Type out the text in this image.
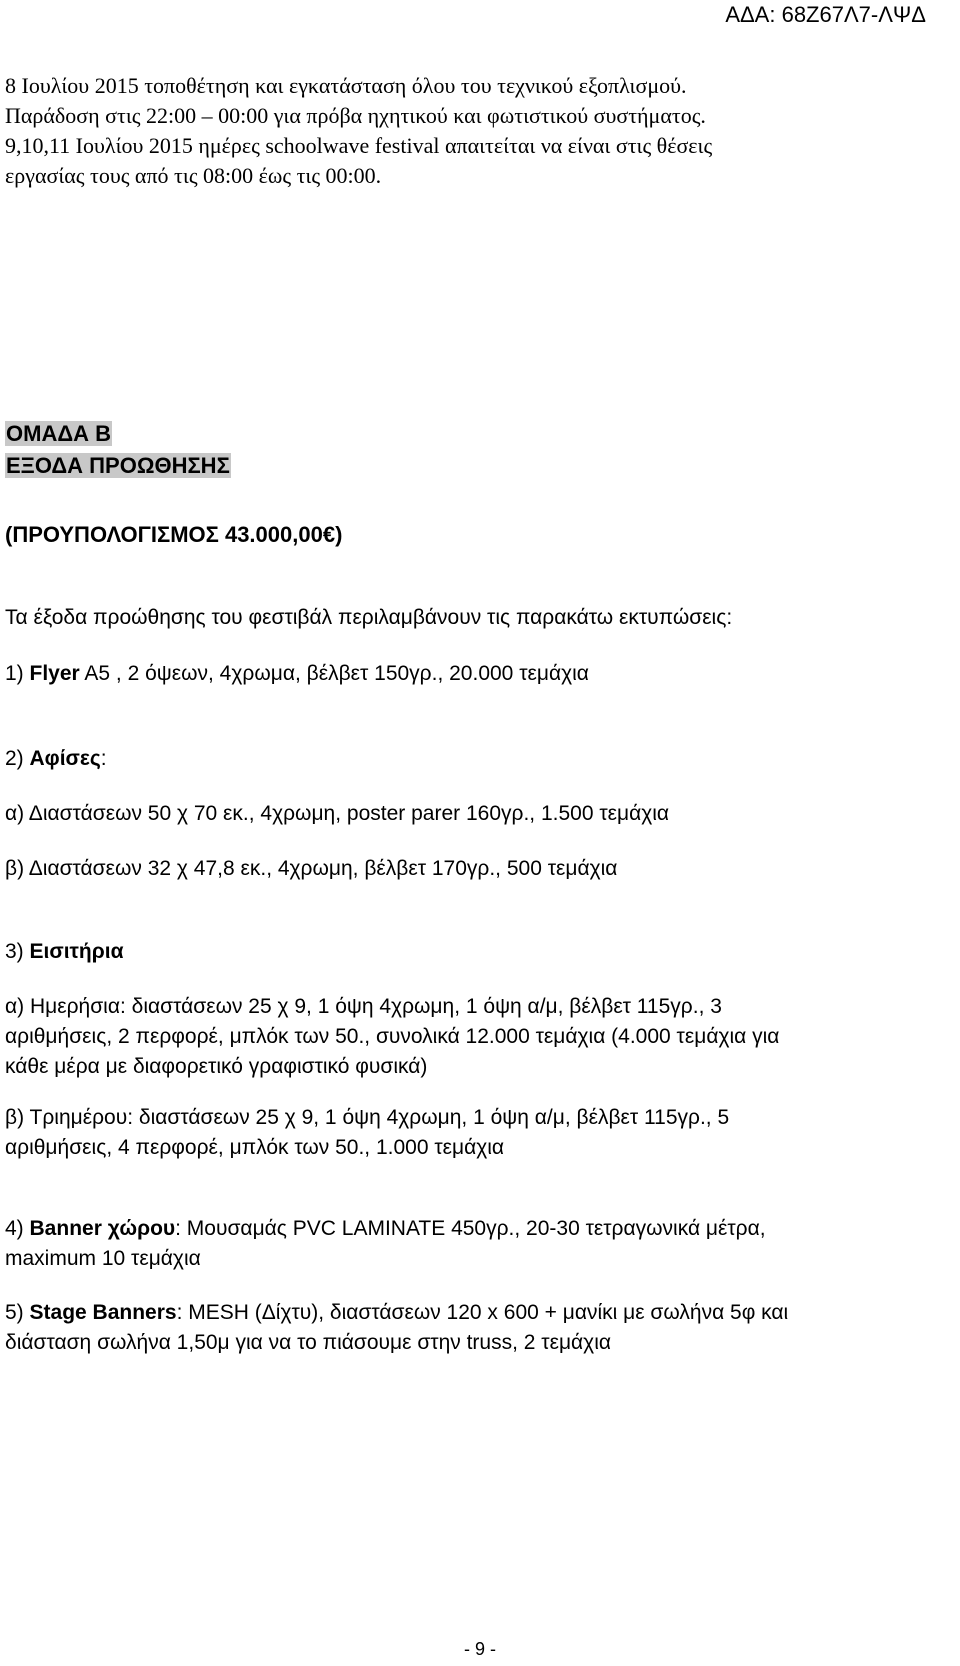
ΑΔΑ: 68Ζ67Λ7-ΛΨΔ
8 Ιουλίου 2015 τοποθέτηση και εγκατάσταση όλου του τεχνικού εξοπλισμού.
Παράδοση στις 22:00 – 00:00 για πρόβα ηχητικού και φωτιστικού συστήματος.
9,10,11 Ιουλίου 2015 ημέρες schoolwave festival απαιτείται να είναι στις θέσεις
εργασίας τους από τις 08:00 έως τις 00:00.
ΟΜΑΔΑ Β
ΕΞΟΔΑ ΠΡΟΩΘΗΣΗΣ
(ΠΡΟΥΠΟΛΟΓΙΣΜΟΣ 43.000,00€)
Τα έξοδα προώθησης του φεστιβάλ περιλαμβάνουν τις παρακάτω εκτυπώσεις:
1) Flyer A5 , 2 όψεων, 4χρωμα, βέλβετ 150γρ., 20.000 τεμάχια
2) Αφίσες:
α) Διαστάσεων 50 χ 70 εκ., 4χρωμη, poster parer 160γρ., 1.500 τεμάχια
β) Διαστάσεων 32 χ 47,8 εκ., 4χρωμη, βέλβετ 170γρ., 500 τεμάχια
3) Εισιτήρια
α) Ημερήσια: διαστάσεων 25 χ 9, 1 όψη 4χρωμη, 1 όψη α/μ, βέλβετ 115γρ., 3
αριθμήσεις, 2 περφορέ, μπλόκ των 50., συνολικά 12.000 τεμάχια (4.000 τεμάχια για
κάθε μέρα με διαφορετικό γραφιστικό φυσικά)
β) Τριημέρου: διαστάσεων 25 χ 9, 1 όψη 4χρωμη, 1 όψη α/μ, βέλβετ 115γρ., 5
αριθμήσεις, 4 περφορέ, μπλόκ των 50., 1.000 τεμάχια
4) Banner χώρου: Μουσαμάς PVC LAMINATE 450γρ., 20-30 τετραγωνικά μέτρα,
maximum 10 τεμάχια
5) Stage Banners: MESH (Δίχτυ), διαστάσεων 120 x 600 + μανίκι με σωλήνα 5φ και
διάσταση σωλήνα 1,50μ για να το πιάσουμε στην truss, 2 τεμάχια
- 9 -
